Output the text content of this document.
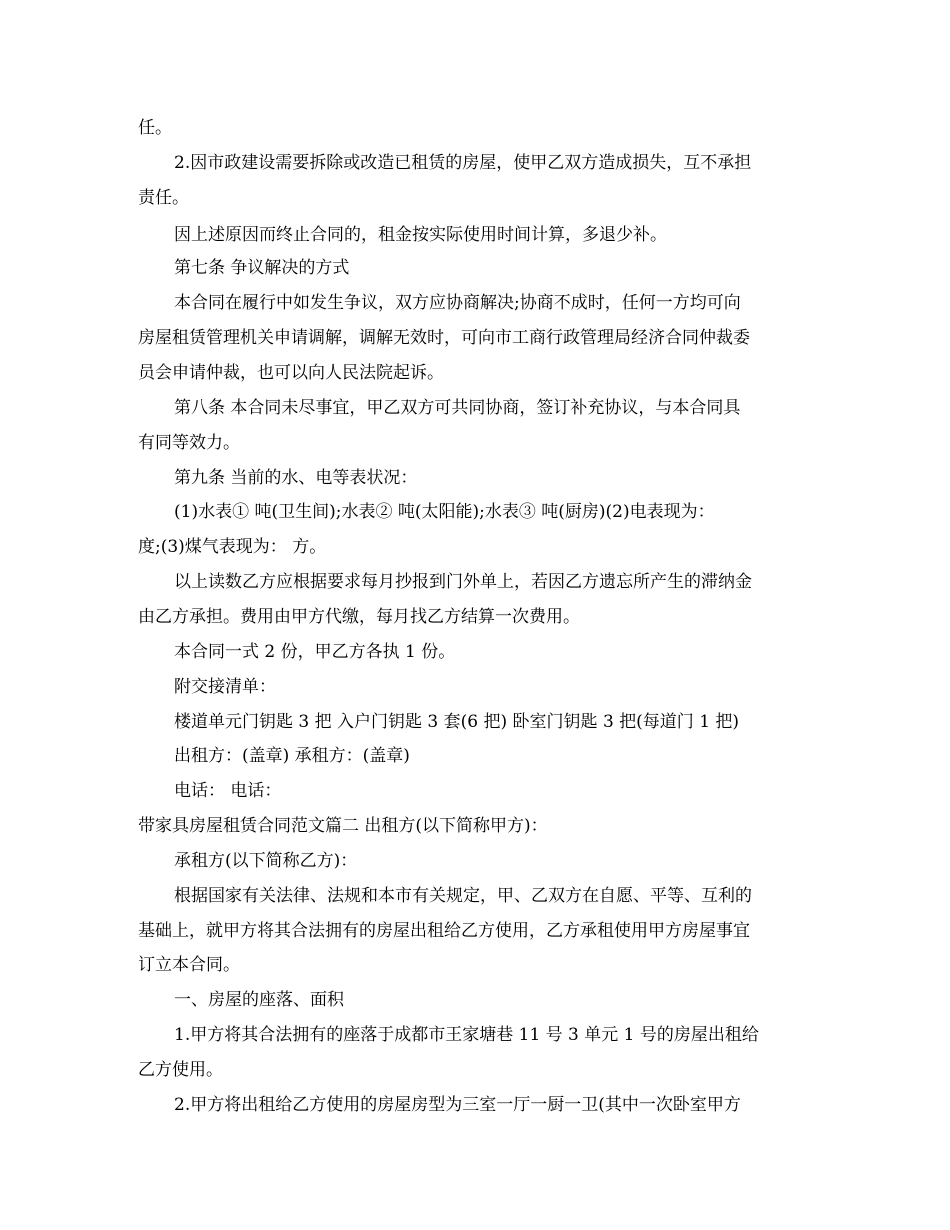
任。
2.因市政建设需要拆除或改造已租赁的房屋，使甲乙双方造成损失，互不承担
责任。
因上述原因而终止合同的，租金按实际使用时间计算，多退少补。
第七条 争议解决的方式
本合同在履行中如发生争议，双方应协商解决;协商不成时，任何一方均可向
房屋租赁管理机关申请调解，调解无效时，可向市工商行政管理局经济合同仲裁委
员会申请仲裁，也可以向人民法院起诉。
第八条 本合同未尽事宜，甲乙双方可共同协商，签订补充协议，与本合同具
有同等效力。
第九条 当前的水、电等表状况：
(1)水表① 吨(卫生间);水表② 吨(太阳能);水表③ 吨(厨房)(2)电表现为：
度;(3)煤气表现为： 方。
以上读数乙方应根据要求每月抄报到门外单上，若因乙方遗忘所产生的滞纳金
由乙方承担。费用由甲方代缴，每月找乙方结算一次费用。
本合同一式 2 份，甲乙方各执 1 份。
附交接清单：
楼道单元门钥匙 3 把 入户门钥匙 3 套(6 把) 卧室门钥匙 3 把(每道门 1 把)
出租方：(盖章) 承租方：(盖章)
电话： 电话：
带家具房屋租赁合同范文篇二 出租方(以下简称甲方)：
承租方(以下简称乙方)：
根据国家有关法律、法规和本市有关规定，甲、乙双方在自愿、平等、互利的
基础上，就甲方将其合法拥有的房屋出租给乙方使用，乙方承租使用甲方房屋事宜
订立本合同。
一、房屋的座落、面积
1.甲方将其合法拥有的座落于成都市王家塘巷 11 号 3 单元 1 号的房屋出租给
乙方使用。
2.甲方将出租给乙方使用的房屋房型为三室一厅一厨一卫(其中一次卧室甲方
